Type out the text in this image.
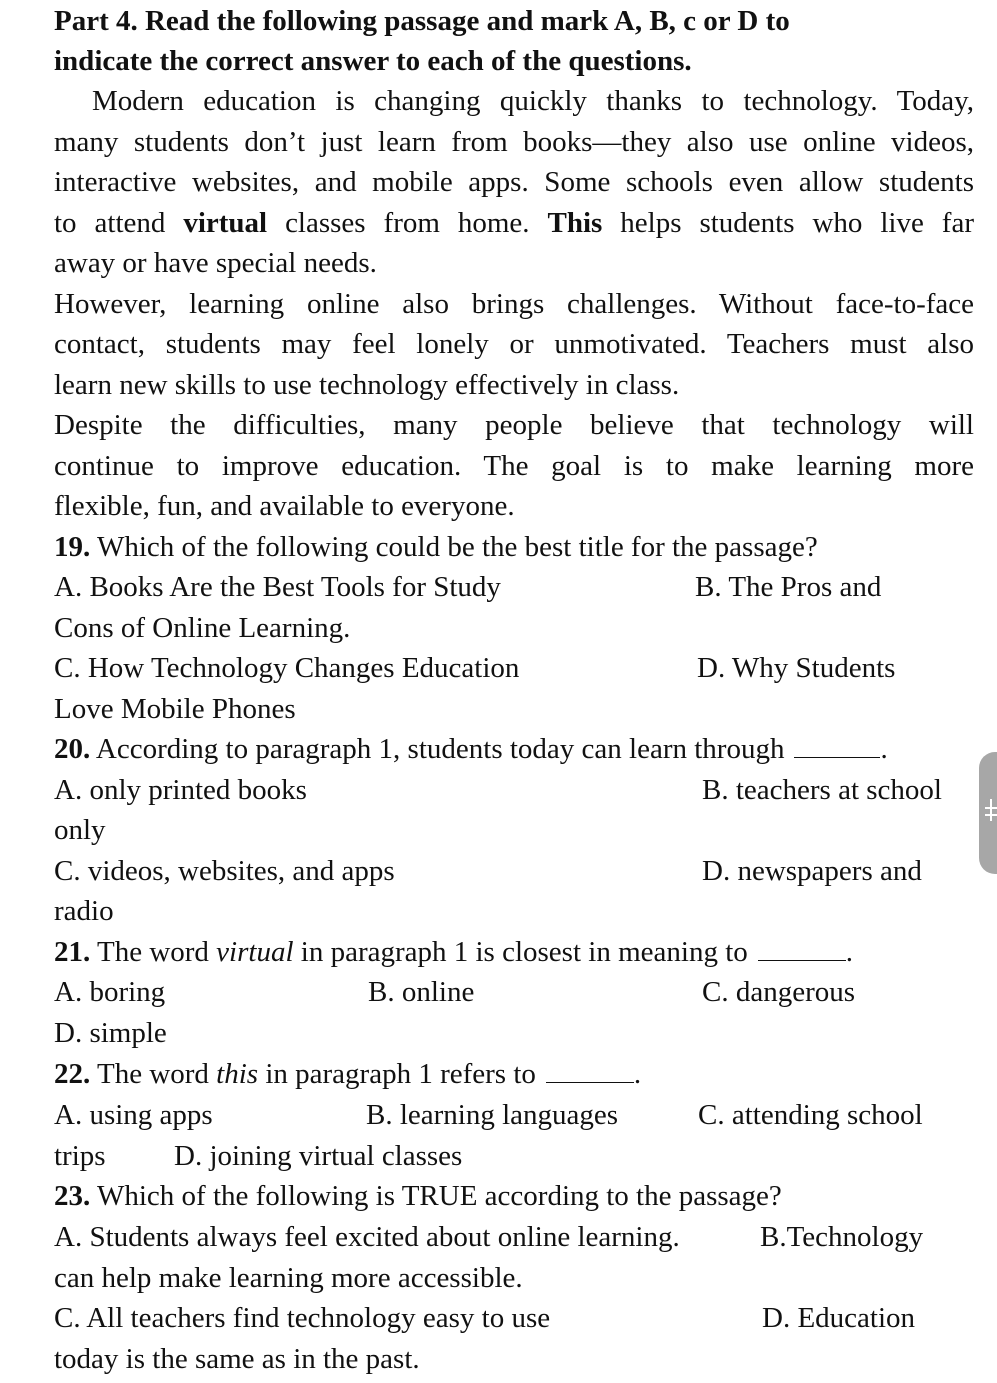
Part 4. Read the following passage and mark A, B, c or D to
indicate the correct answer to each of the questions.
Modern education is changing quickly thanks to technology. Today,
many students don’t just learn from books—they also use online videos,
interactive websites, and mobile apps. Some schools even allow students
to attend virtual classes from home. This helps students who live far
away or have special needs.
However, learning online also brings challenges. Without face-to-face
contact, students may feel lonely or unmotivated. Teachers must also
learn new skills to use technology effectively in class.
Despite the difficulties, many people believe that technology will
continue to improve education. The goal is to make learning more
flexible, fun, and available to everyone.
19. Which of the following could be the best title for the passage?
A. Books Are the Best Tools for Study	B. The Pros and
Cons of Online Learning.
C. How Technology Changes Education	D. Why Students
Love Mobile Phones
20. According to paragraph 1, students today can learn through	.
A. only printed books	B. teachers at school
only
C. videos, websites, and apps	D. newspapers and
radio
21. The word virtual in paragraph 1 is closest in meaning to	.
A. boring	B. online	C. dangerous
D. simple
22. The word this in paragraph 1 refers to	.
A. using apps	B. learning languages	C. attending school
trips D. joining virtual classes
23. Which of the following is TRUE according to the passage?
A. Students always feel excited about online learning.	B.Technology
can help make learning more accessible.
C. All teachers find technology easy to use	D. Education
today is the same as in the past.
